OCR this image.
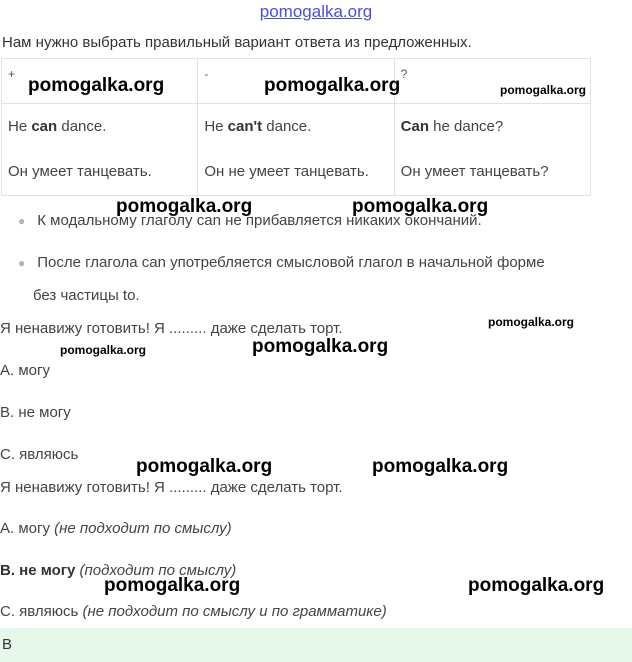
pomogalka.org
Нам нужно выбрать правильный вариант ответа из предложенных.
+	-	?
He can dance.	He can't dance.	Can he dance?
Он умеет танцевать.	Он не умеет танцевать.	Он умеет танцевать?
● К модальному глаголу can не прибавляется никаких окончаний.
● После глагола can употребляется смысловой глагол в начальной форме
без частицы to.
Я ненавижу готовить! Я ......... даже сделать торт.
A. могу
B. не могу
C. являюсь
Я ненавижу готовить! Я ......... даже сделать торт.
A. могу (не подходит по смыслу)
B. не могу (подходит по смыслу)
C. являюсь (не подходит по смыслу и по грамматике)
B
pomogalka.org	pomogalka.org	pomogalka.org
pomogalka.org	pomogalka.org
pomogalka.org
pomogalka.org	pomogalka.org
pomogalka.org	pomogalka.org
pomogalka.org	pomogalka.org
